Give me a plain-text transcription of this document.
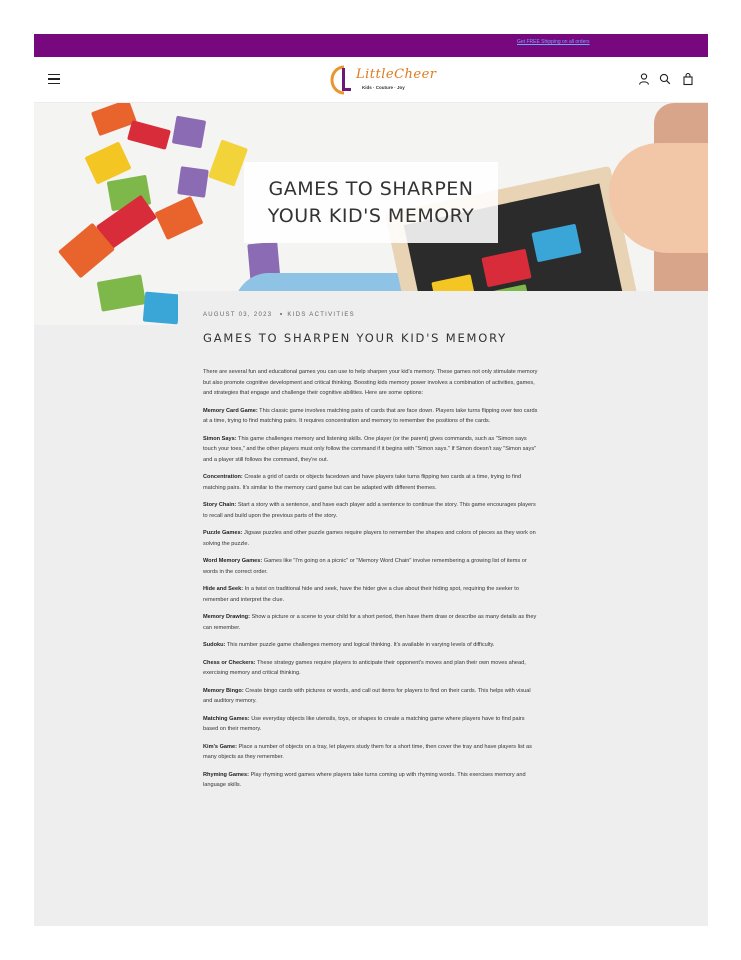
Get FREE Shipping on all orders
LittleCheer
Kids · Couture · Joy
GAMES TO SHARPEN
YOUR KID'S MEMORY
AUGUST 03, 2023	KIDS ACTIVITIES
GAMES TO SHARPEN YOUR KID'S MEMORY

There are several fun and educational games you can use to help sharpen your kid's memory. These games not only stimulate memory but also promote cognitive development and critical thinking. Boosting kids memory power involves a combination of activities, games, and strategies that engage and challenge their cognitive abilities. Here are some options:

Memory Card Game: This classic game involves matching pairs of cards that are face down. Players take turns flipping over two cards at a time, trying to find matching pairs. It requires concentration and memory to remember the positions of the cards.

Simon Says: This game challenges memory and listening skills. One player (or the parent) gives commands, such as "Simon says touch your toes," and the other players must only follow the command if it begins with "Simon says." If Simon doesn't say "Simon says" and a player still follows the command, they're out.

Concentration: Create a grid of cards or objects facedown and have players take turns flipping two cards at a time, trying to find matching pairs. It's similar to the memory card game but can be adapted with different themes.

Story Chain: Start a story with a sentence, and have each player add a sentence to continue the story. This game encourages players to recall and build upon the previous parts of the story.

Puzzle Games: Jigsaw puzzles and other puzzle games require players to remember the shapes and colors of pieces as they work on solving the puzzle.

Word Memory Games: Games like "I'm going on a picnic" or "Memory Word Chain" involve remembering a growing list of items or words in the correct order.

Hide and Seek: In a twist on traditional hide and seek, have the hider give a clue about their hiding spot, requiring the seeker to remember and interpret the clue.

Memory Drawing: Show a picture or a scene to your child for a short period, then have them draw or describe as many details as they can remember.

Sudoku: This number puzzle game challenges memory and logical thinking. It's available in varying levels of difficulty.

Chess or Checkers: These strategy games require players to anticipate their opponent's moves and plan their own moves ahead, exercising memory and critical thinking.

Memory Bingo: Create bingo cards with pictures or words, and call out items for players to find on their cards. This helps with visual and auditory memory.

Matching Games: Use everyday objects like utensils, toys, or shapes to create a matching game where players have to find pairs based on their memory.

Kim's Game: Place a number of objects on a tray, let players study them for a short time, then cover the tray and have players list as many objects as they remember.

Rhyming Games: Play rhyming word games where players take turns coming up with rhyming words. This exercises memory and language skills.
